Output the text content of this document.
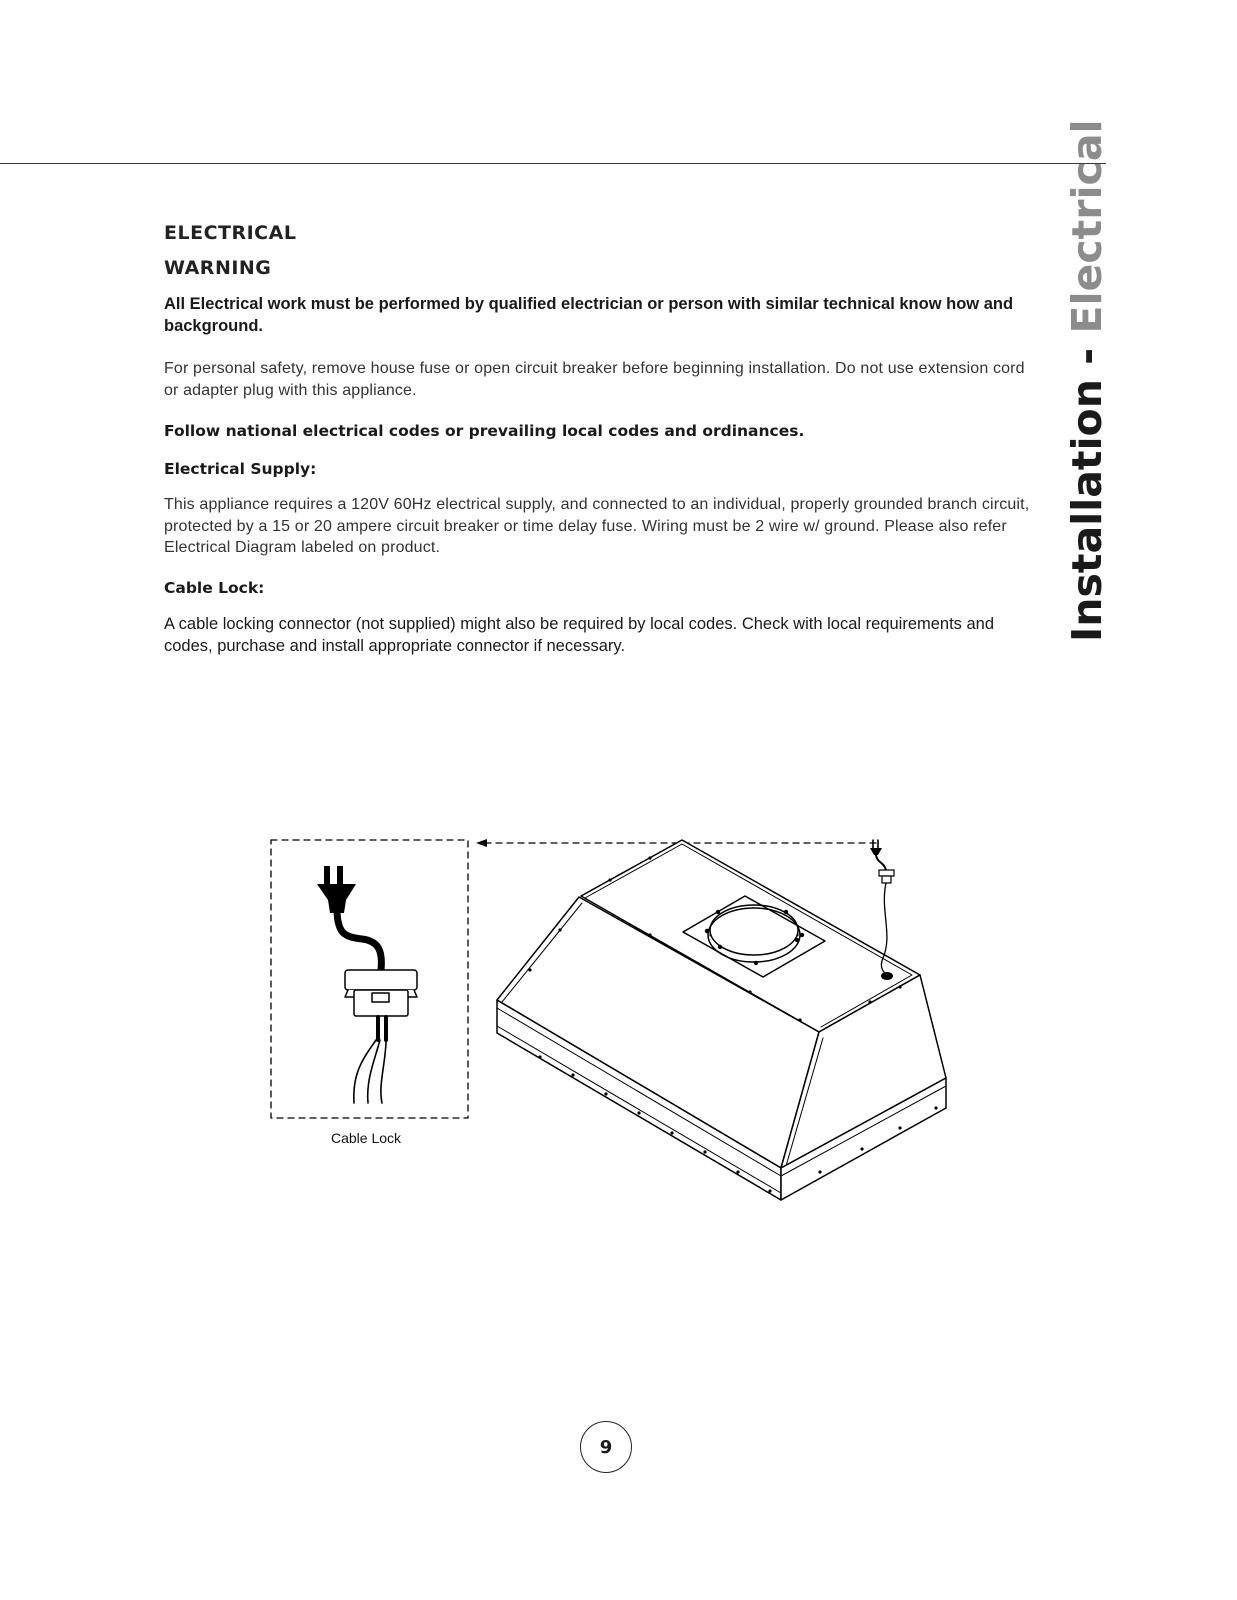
ELECTRICAL
WARNING

All Electrical work must be performed by qualified electrician or person with similar technical know how and background.

For personal safety, remove house fuse or open circuit breaker before beginning installation. Do not use extension cord or adapter plug with this appliance.

Follow national electrical codes or prevailing local codes and ordinances.

Electrical Supply:

This appliance requires a 120V 60Hz electrical supply, and connected to an individual, properly grounded branch circuit, protected by a 15 or 20 ampere circuit breaker or time delay fuse. Wiring must be 2 wire w/ ground. Please also refer Electrical Diagram labeled on product.

Cable Lock:

A cable locking connector (not supplied) might also be required by local codes. Check with local requirements and codes, purchase and install appropriate connector if necessary.

Installation - Electrical
Cable Lock
9
